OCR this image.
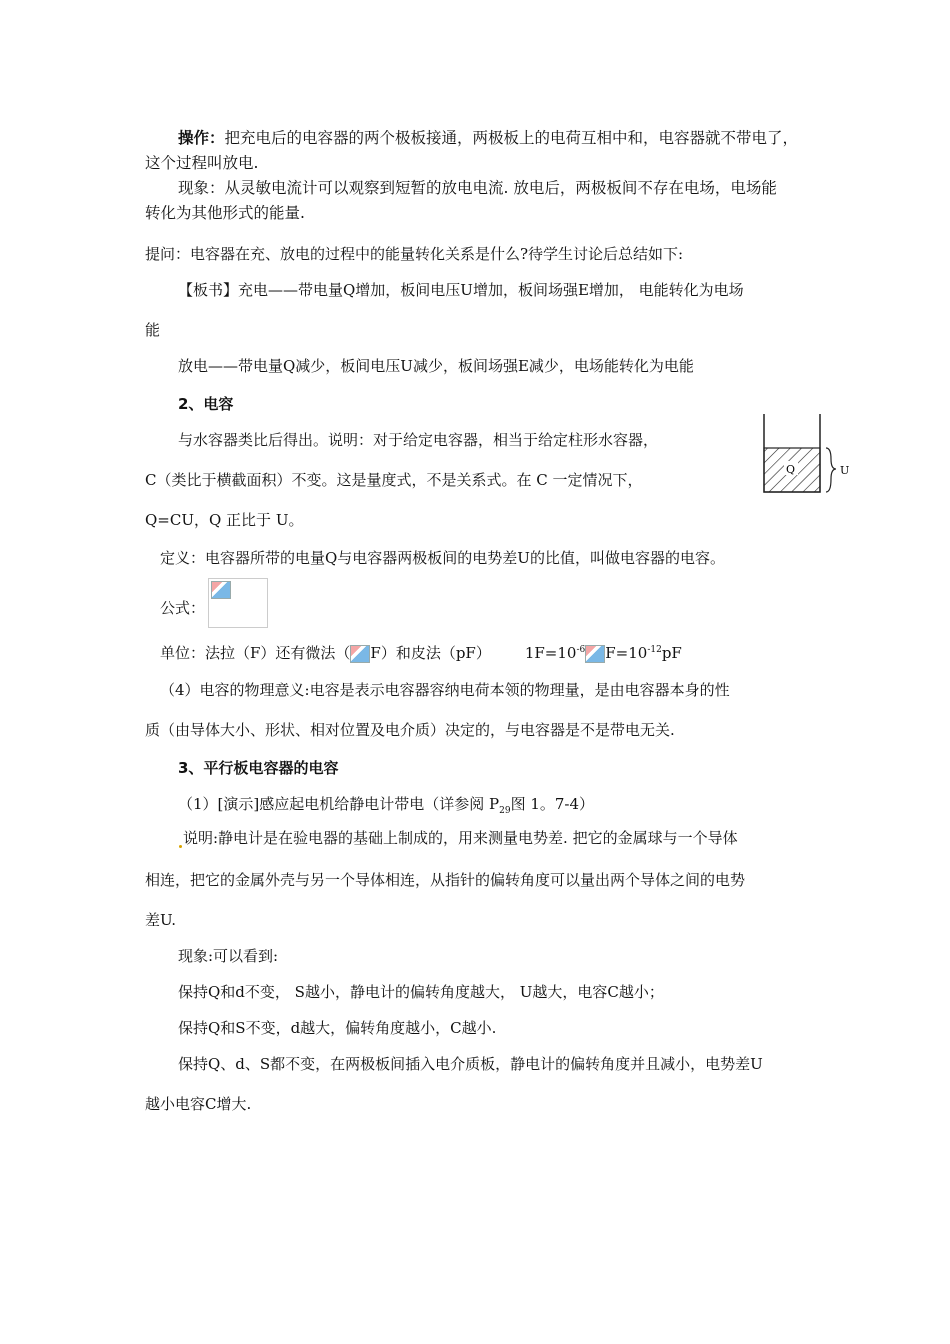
操作：把充电后的电容器的两个极板接通，两极板上的电荷互相中和，电容器就不带电了，
这个过程叫放电.
现象：从灵敏电流计可以观察到短暂的放电电流. 放电后，两极板间不存在电场，电场能
转化为其他形式的能量.
提问：电容器在充、放电的过程中的能量转化关系是什么?待学生讨论后总结如下:
【板书】充电——带电量Q增加，板间电压U增加，板间场强E增加， 电能转化为电场
能
放电——带电量Q减少，板间电压U减少，板间场强E减少，电场能转化为电能
2、电容
与水容器类比后得出。说明：对于给定电容器，相当于给定柱形水容器，
C（类比于横截面积）不变。这是量度式，不是关系式。在 C 一定情况下，
Q=CU，Q 正比于 U。
Q	U
定义：电容器所带的电量Q与电容器两极板间的电势差U的比值，叫做电容器的电容。
公式：
单位：法拉（F）还有微法（ F）和皮法（pF） $1F=10^{-6}$ $F=10^{-12}pF$
（4）电容的物理意义:电容是表示电容器容纳电荷本领的物理量，是由电容器本身的性
质（由导体大小、形状、相对位置及电介质）决定的，与电容器是不是带电无关.
3、平行板电容器的电容
（1）[演示]感应起电机给静电计带电（详参阅 $P_{29}$图 1。7-4）
说明:静电计是在验电器的基础上制成的，用来测量电势差. 把它的金属球与一个导体
相连，把它的金属外壳与另一个导体相连，从指针的偏转角度可以量出两个导体之间的电势
差U.
现象:可以看到:
保持Q和d不变， S越小，静电计的偏转角度越大， U越大，电容C越小；
保持Q和S不变，d越大，偏转角度越小，C越小.
保持Q、d、S都不变，在两极板间插入电介质板，静电计的偏转角度并且减小，电势差U
越小电容C增大.
